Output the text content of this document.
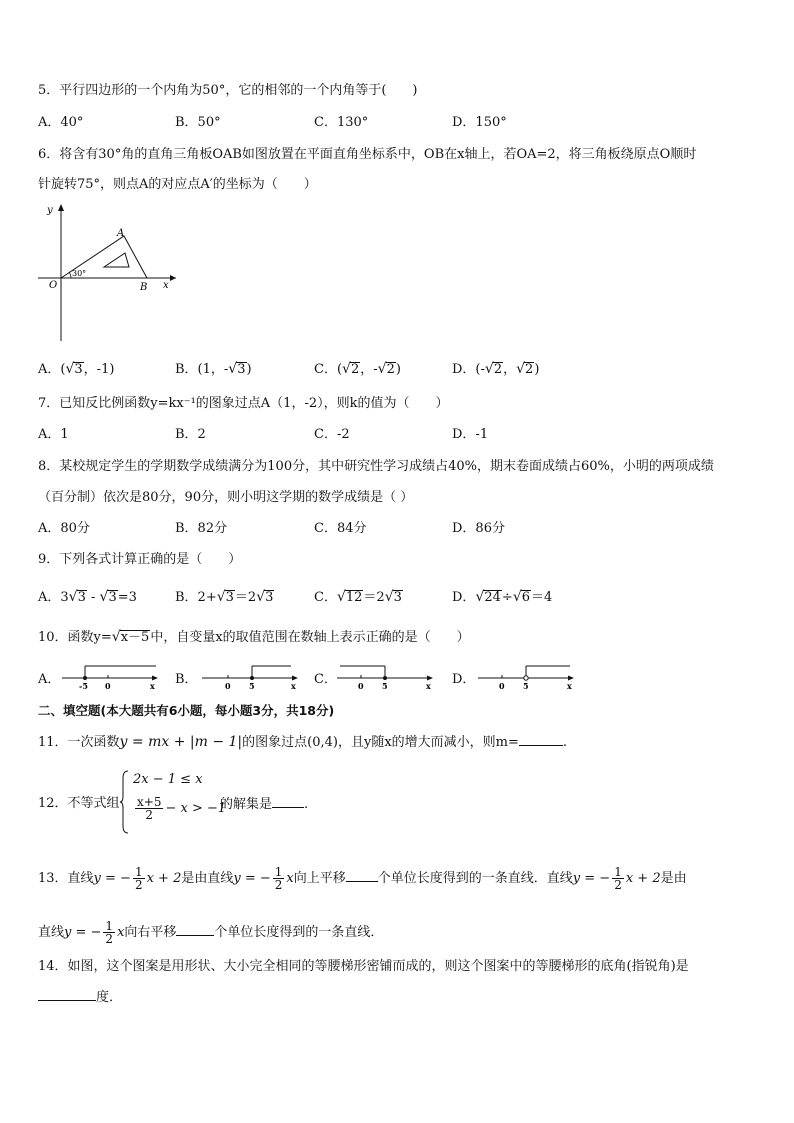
5．平行四边形的一个内角为50°，它的相邻的一个内角等于(　　)
A．40°	B．50°	C．130°	D．150°
6．将含有30°角的直角三角板OAB如图放置在平面直角坐标系中，OB在x轴上，若OA=2，将三角板绕原点O顺时
针旋转75°，则点A的对应点A′的坐标为（　　）
y
x
O
A
B
30°
A．(√3，-1)	B．(1，-√3)	C．(√2，-√2)	D．(-√2，√2)
7．已知反比例函数y=kx⁻¹的图象过点A（1，-2），则k的值为（　　）
A．1	B．2	C．-2	D．-1
8．某校规定学生的学期数学成绩满分为100分，其中研究性学习成绩占40%，期末卷面成绩占60%，小明的两项成绩
（百分制）依次是80分，90分，则小明这学期的数学成绩是（ ）
A．80分	B．82分	C．84分	D．86分
9．下列各式计算正确的是（　　）
A．3√3 - √3=3	B．2+√3＝2√3	C．√12＝2√3	D．√24÷√6＝4
10．函数y=√x－5中，自变量x的取值范围在数轴上表示正确的是（　　）
A． -5 0	x B．	0 5	x C．	0 5	x D．	0 5	x
二、填空题(本大题共有6小题，每小题3分，共18分)
11．一次函数y = mx + |m − 1|的图象过点(0,4)，且y随x的增大而减小，则m=	.
2x − 1 ≤ x
$\frac{x+5}{2} - x > -1$
12．不等式组	的解集是 .
13．直线y = − $\frac{1}{2}$ x + 2是由直线y = − $\frac{1}{2}$ x向上平移 个单位长度得到的一条直线．直线y = − $\frac{1}{2}$ x + 2是由
直线y = − $\frac{1}{2}$ x向右平移	个单位长度得到的一条直线．
14．如图，这个图案是用形状、大小完全相同的等腰梯形密铺而成的，则这个图案中的等腰梯形的底角(指锐角)是
度．
